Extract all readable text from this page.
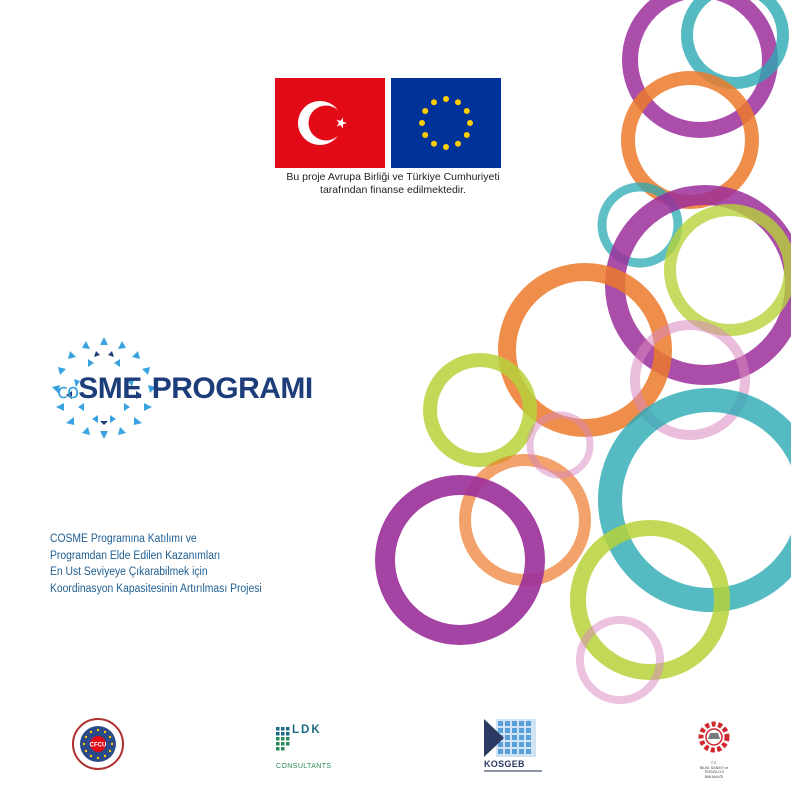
Bu proje Avrupa Birliği ve Türkiye Cumhuriyeti
tarafından finanse edilmektedir.
coSME PROGRAMI
COSME Programına Katılımı ve
Programdan Elde Edilen Kazanımları
En Üst Seviyeye Çıkarabilmek için
Koordinasyon Kapasitesinin Artırılması Projesi
CFCU
LDK
CONSULTANTS	KOSGEB	T.C.
BİLİM, SANAYİ ve TEKNOLOJİ
BAKANLIĞI
